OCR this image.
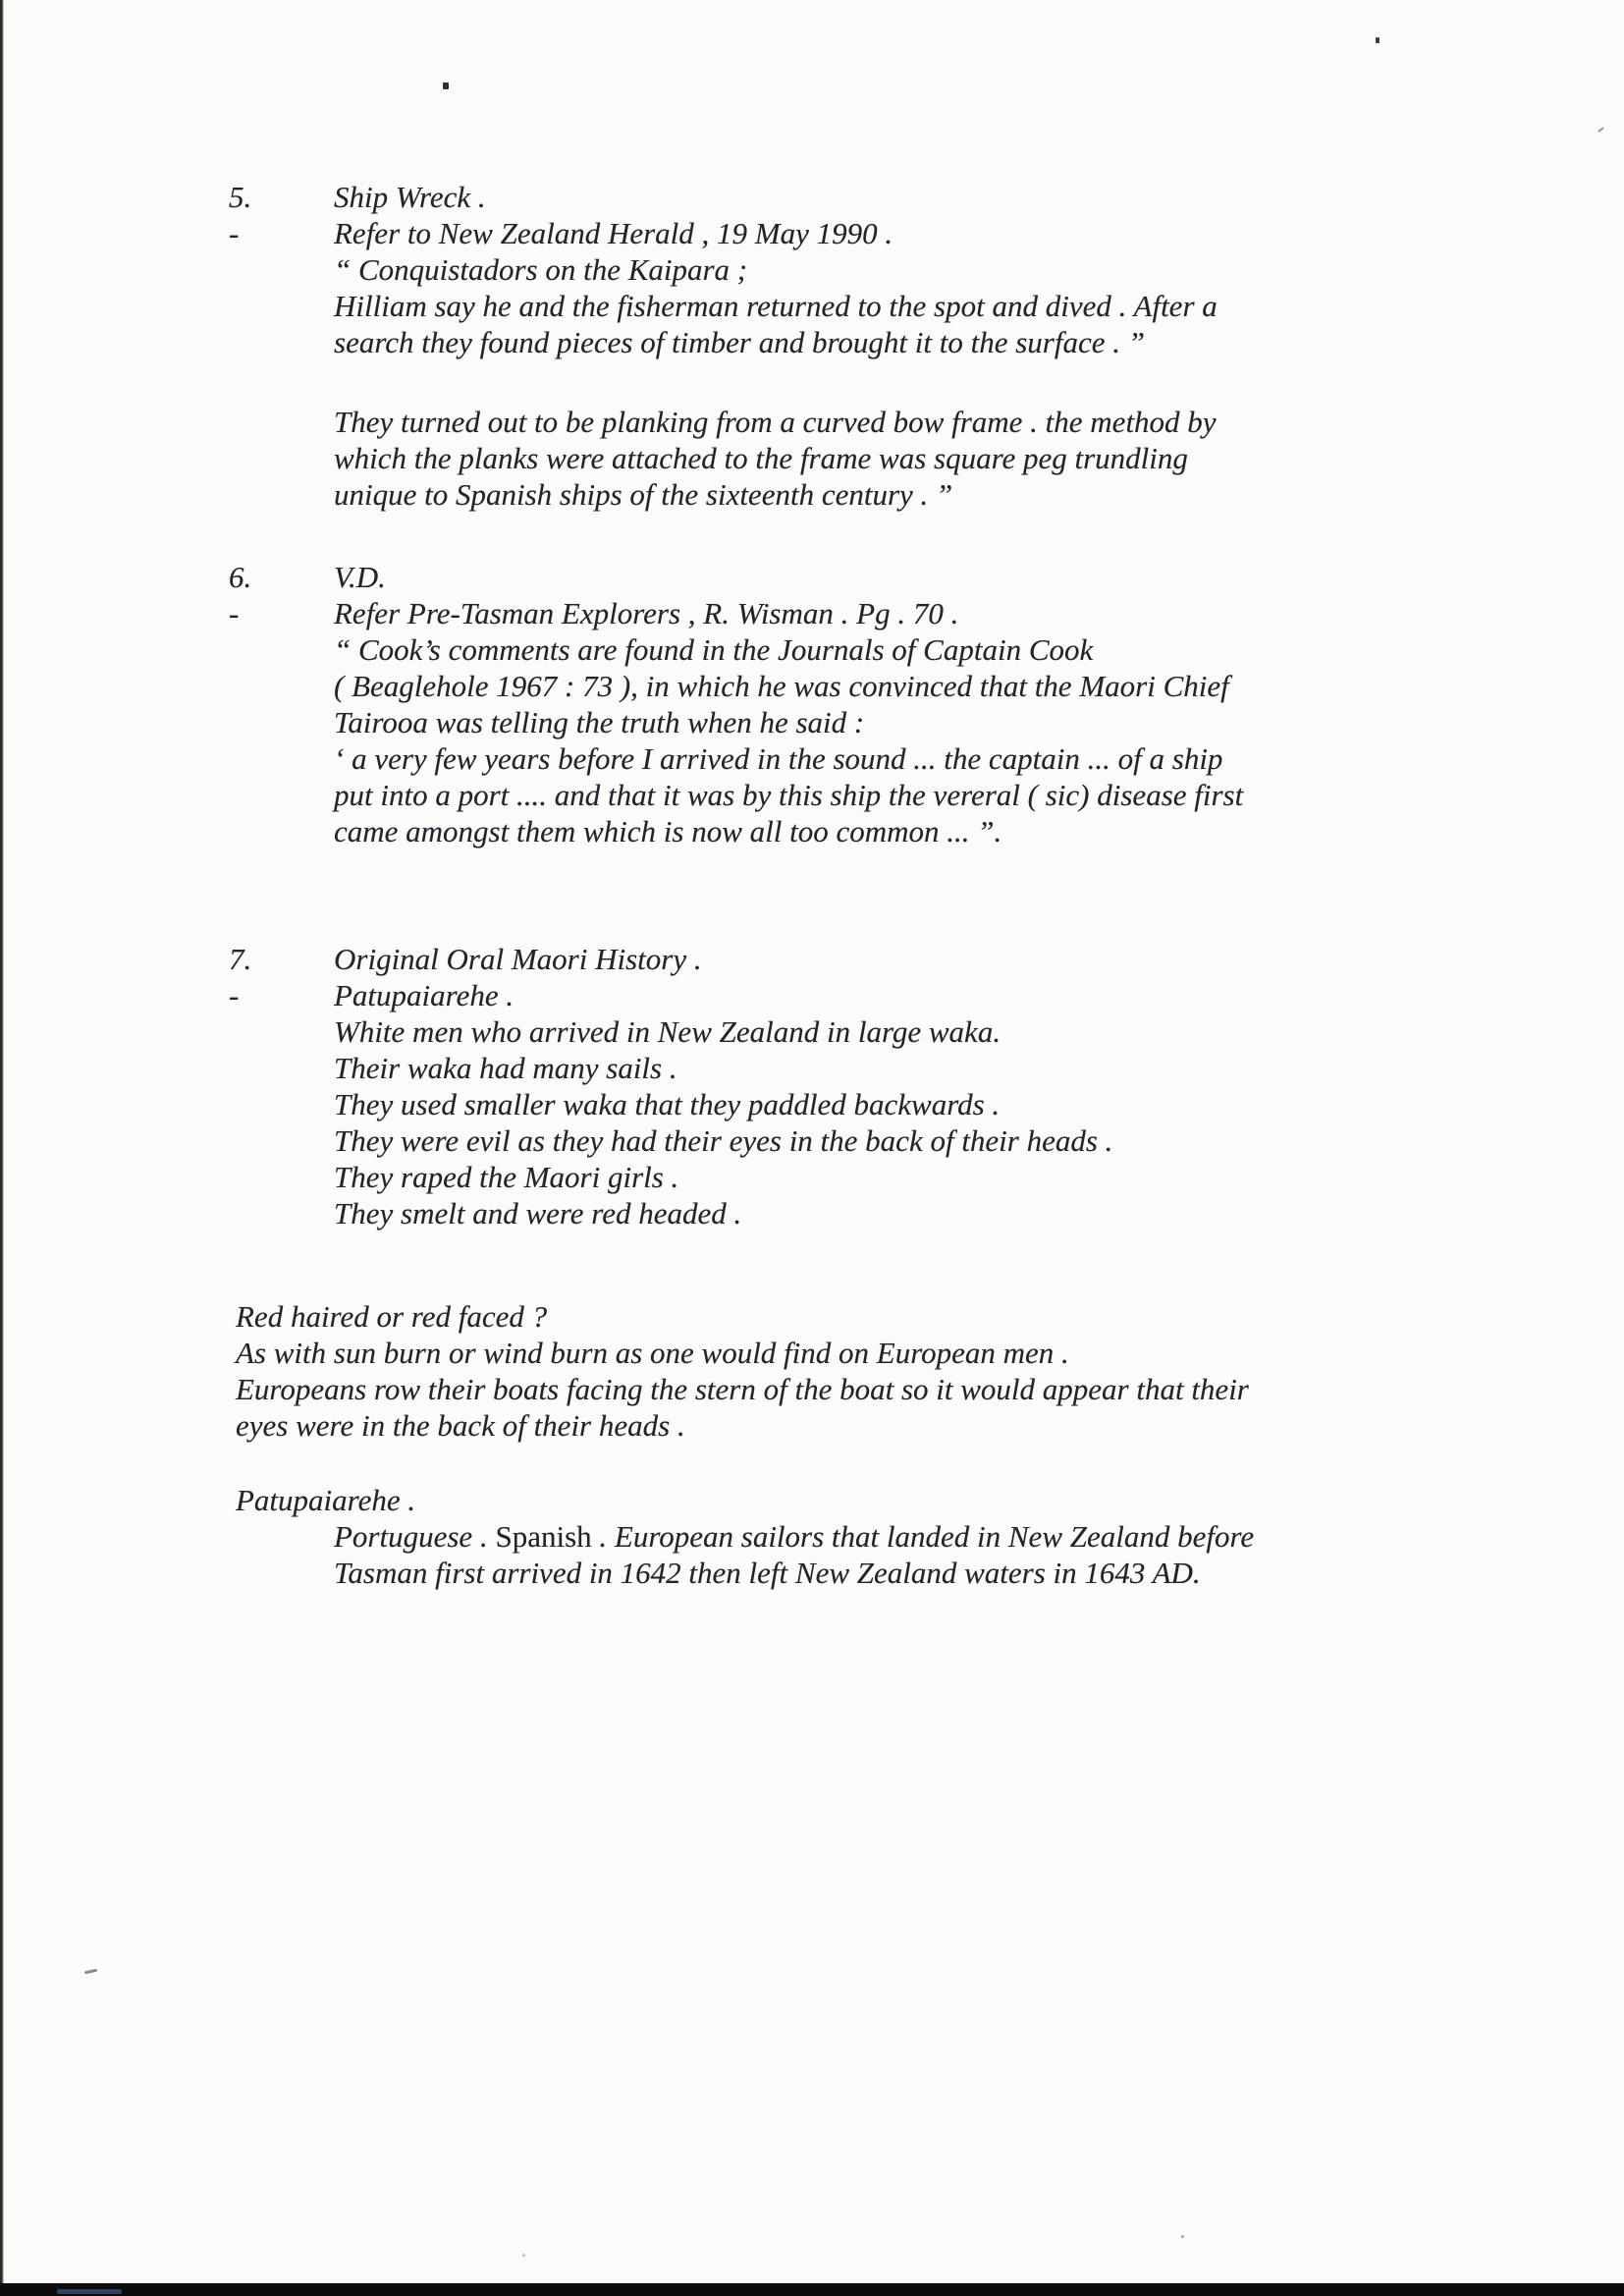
5.	Ship Wreck .
-	Refer to New Zealand Herald , 19 May 1990 .
“ Conquistadors on the Kaipara ;
Hilliam say he and the fisherman returned to the spot and dived . After a
search they found pieces of timber and brought it to the surface . ”
They turned out to be planking from a curved bow frame . the method by
which the planks were attached to the frame was square peg trundling
unique to Spanish ships of the sixteenth century . ”
6.	V.D.
-	Refer Pre-Tasman Explorers , R. Wisman . Pg . 70 .
“ Cook’s comments are found in the Journals of Captain Cook
( Beaglehole 1967 : 73 ), in which he was convinced that the Maori Chief
Tairooa was telling the truth when he said :
‘ a very few years before I arrived in the sound ... the captain ... of a ship
put into a port .... and that it was by this ship the vereral ( sic) disease first
came amongst them which is now all too common ... ”.
7.	Original Oral Maori History .
-	Patupaiarehe .
White men who arrived in New Zealand in large waka.
Their waka had many sails .
They used smaller waka that they paddled backwards .
They were evil as they had their eyes in the back of their heads .
They raped the Maori girls .
They smelt and were red headed .
Red haired or red faced ?
As with sun burn or wind burn as one would find on European men .
Europeans row their boats facing the stern of the boat so it would appear that their
eyes were in the back of their heads .
Patupaiarehe .
Portuguese . Spanish . European sailors that landed in New Zealand before
Tasman first arrived in 1642 then left New Zealand waters in 1643 AD.
